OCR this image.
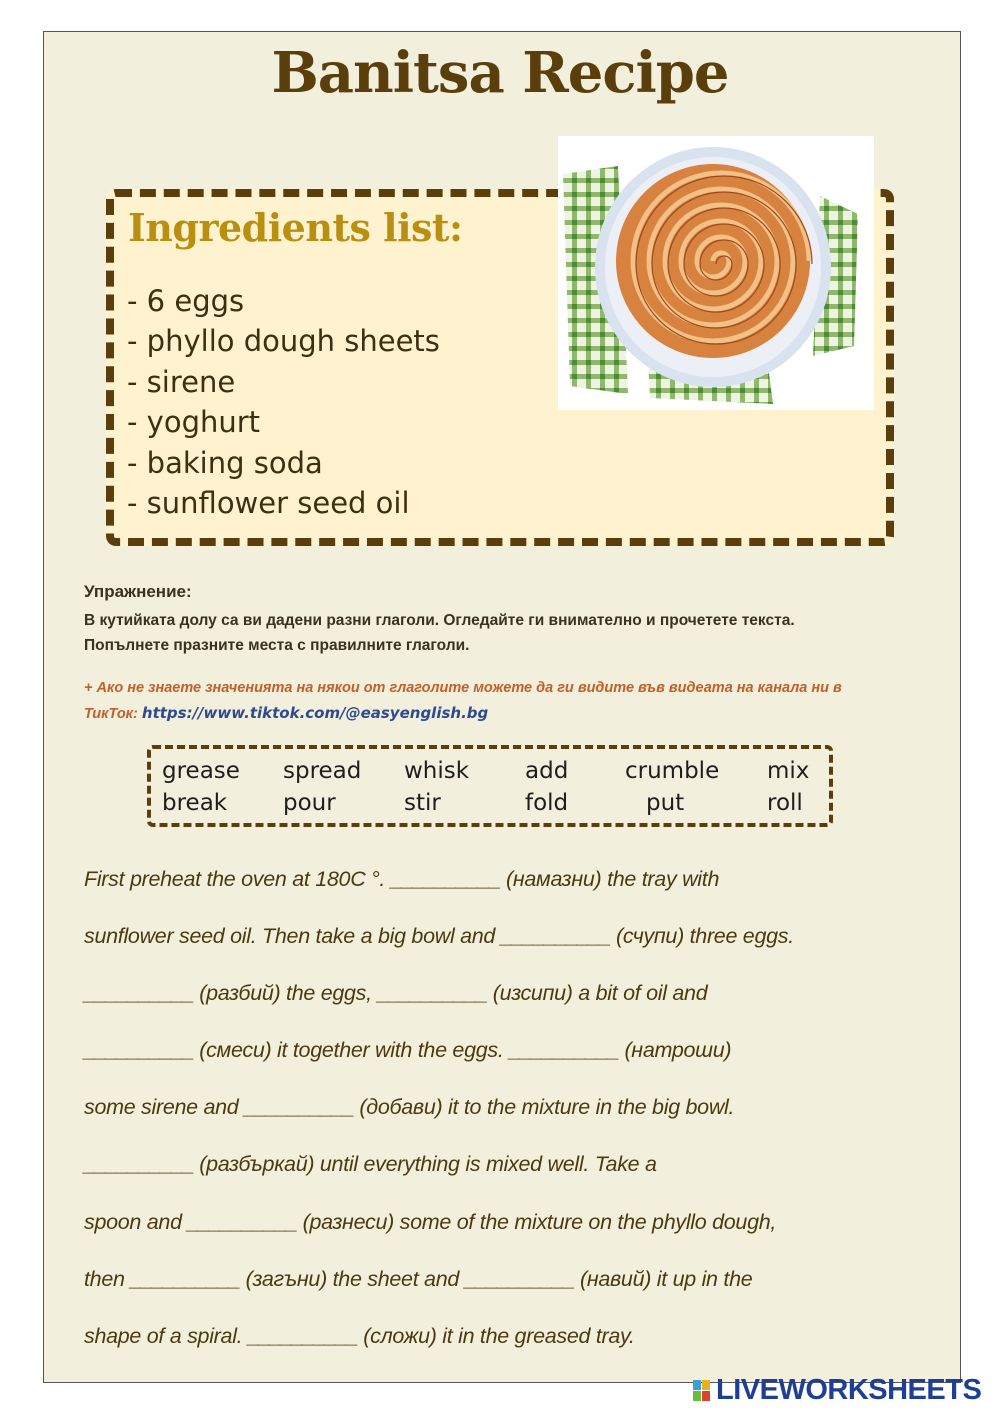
Banitsa Recipe
Ingredients list:
- 6 eggs
- phyllo dough sheets
- sirene
- yoghurt
- baking soda
- sunflower seed oil
Упражнение:
В кутийката долу са ви дадени разни глаголи. Огледайте ги внимателно и прочетете текста.
Попълнете празните места с правилните глаголи.
+ Ако не знаете значенията на някои от глаголите можете да ги видите във видеата на канала ни в
ТикТок: https://www.tiktok.com/@easyenglish.bg
grease spread whisk add crumble mix
break pour	stir	fold	put	roll
First preheat the oven at 180C °. __________ (намазни) the tray with
sunflower seed oil. Then take a big bowl and __________ (счупи) three eggs.
__________ (разбий) the eggs, __________ (изсипи) a bit of oil and
__________ (смеси) it together with the eggs. __________ (натроши)
some sirene and __________ (добави) it to the mixture in the big bowl.
__________ (разбъркай) until everything is mixed well. Take a
spoon and __________ (разнеси) some of the mixture on the phyllo dough,
then __________ (загъни) the sheet and __________ (навий) it up in the
shape of a spiral. __________ (сложи) it in the greased tray.
LIVEWORKSHEETS
